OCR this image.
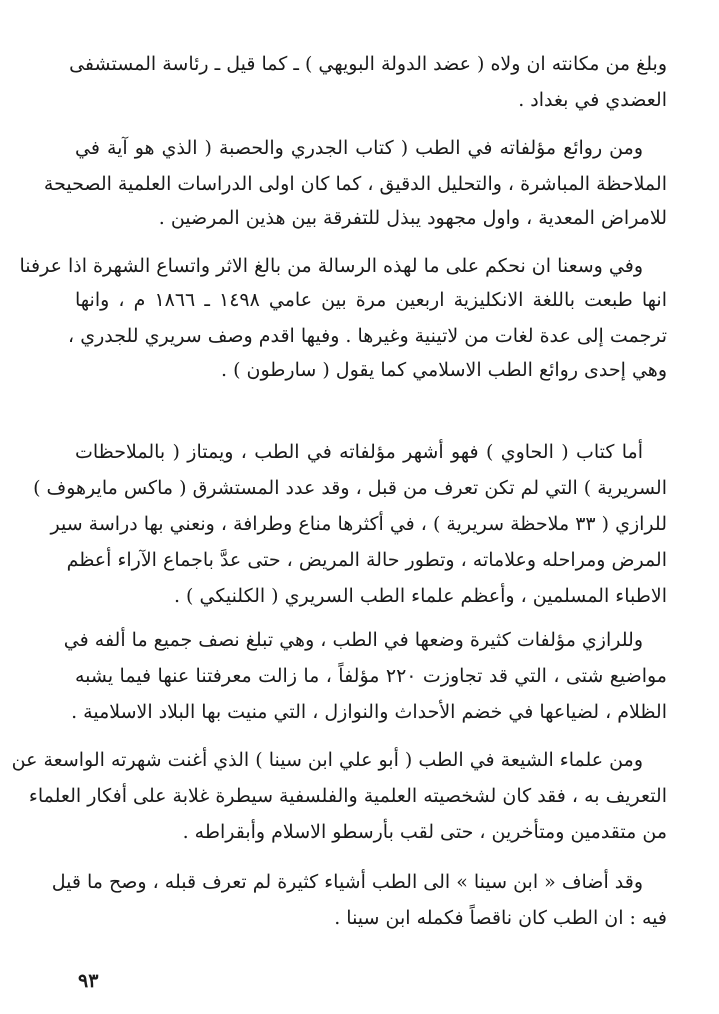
وبلغ من مكانته ان ولاه ( عضد الدولة البويهي ) ـ كما قيل ـ رئاسة المستشفى
العضدي في بغداد .
ومن روائع مؤلفاته في الطب ( كتاب الجدري والحصبة ( الذي هو آية في
الملاحظة المباشرة ، والتحليل الدقيق ، كما كان اولى الدراسات العلمية الصحيحة
للامراض المعدية ، واول مجهود يبذل للتفرقة بين هذين المرضين .
وفي وسعنا ان نحكم على ما لهذه الرسالة من بالغ الاثر واتساع الشهرة اذا عرفنا
انها طبعت باللغة الانكليزية اربعين مرة بين عامي ١٤٩٨ ـ ١٨٦٦ م ، وانها
ترجمت إلى عدة لغات من لاتينية وغيرها . وفيها اقدم وصف سريري للجدري ،
وهي إحدى روائع الطب الاسلامي كما يقول ( سارطون ) .
أما كتاب ( الحاوي ) فهو أشهر مؤلفاته في الطب ، ويمتاز ( بالملاحظات
السريرية ) التي لم تكن تعرف من قبل ، وقد عدد المستشرق ( ماكس مايرهوف )
للرازي ( ٣٣ ملاحظة سريرية ) ، في أكثرها مناع وطرافة ، ونعني بها دراسة سير
المرض ومراحله وعلاماته ، وتطور حالة المريض ، حتى عدَّ باجماع الآراء أعظم
الاطباء المسلمين ، وأعظم علماء الطب السريري ( الكلنيكي ) .
وللرازي مؤلفات كثيرة وضعها في الطب ، وهي تبلغ نصف جميع ما ألفه في
مواضيع شتى ، التي قد تجاوزت ٢٢٠ مؤلفاً ، ما زالت معرفتنا عنها فيما يشبه
الظلام ، لضياعها في خضم الأحداث والنوازل ، التي منيت بها البلاد الاسلامية .
ومن علماء الشيعة في الطب ( أبو علي ابن سينا ) الذي أغنت شهرته الواسعة عن
التعريف به ، فقد كان لشخصيته العلمية والفلسفية سيطرة غلابة على أفكار العلماء
من متقدمين ومتأخرين ، حتى لقب بأرسطو الاسلام وأبقراطه .
وقد أضاف « ابن سينا » الى الطب أشياء كثيرة لم تعرف قبله ، وصح ما قيل
فيه : ان الطب كان ناقصاً فكمله ابن سينا .
٩٣
